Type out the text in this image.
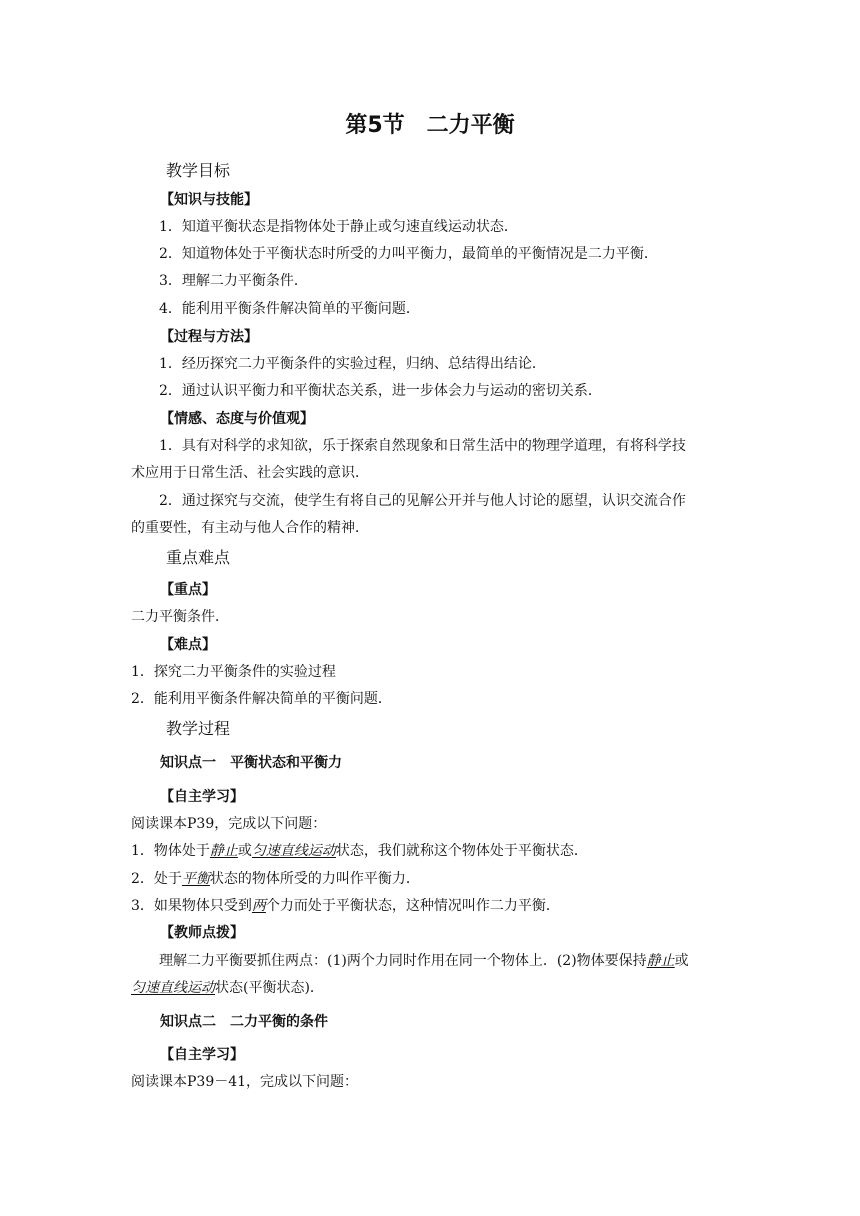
第5节　二力平衡
教学目标
【知识与技能】
1．知道平衡状态是指物体处于静止或匀速直线运动状态．
2．知道物体处于平衡状态时所受的力叫平衡力，最简单的平衡情况是二力平衡．
3．理解二力平衡条件．
4．能利用平衡条件解决简单的平衡问题．
【过程与方法】
1．经历探究二力平衡条件的实验过程，归纳、总结得出结论．
2．通过认识平衡力和平衡状态关系，进一步体会力与运动的密切关系．
【情感、态度与价值观】
1．具有对科学的求知欲，乐于探索自然现象和日常生活中的物理学道理，有将科学技
术应用于日常生活、社会实践的意识．
2．通过探究与交流，使学生有将自己的见解公开并与他人讨论的愿望，认识交流合作
的重要性，有主动与他人合作的精神．
重点难点
【重点】
二力平衡条件．
【难点】
1．探究二力平衡条件的实验过程
2．能利用平衡条件解决简单的平衡问题．
教学过程
知识点一　平衡状态和平衡力
【自主学习】
阅读课本P39，完成以下问题：
1．物体处于静止或匀速直线运动状态，我们就称这个物体处于平衡状态．
2．处于平衡状态的物体所受的力叫作平衡力．
3．如果物体只受到两个力而处于平衡状态，这种情况叫作二力平衡．
【教师点拨】
理解二力平衡要抓住两点：(1)两个力同时作用在同一个物体上．(2)物体要保持静止或
匀速直线运动状态(平衡状态)．
知识点二　二力平衡的条件
【自主学习】
阅读课本P39－41，完成以下问题：
